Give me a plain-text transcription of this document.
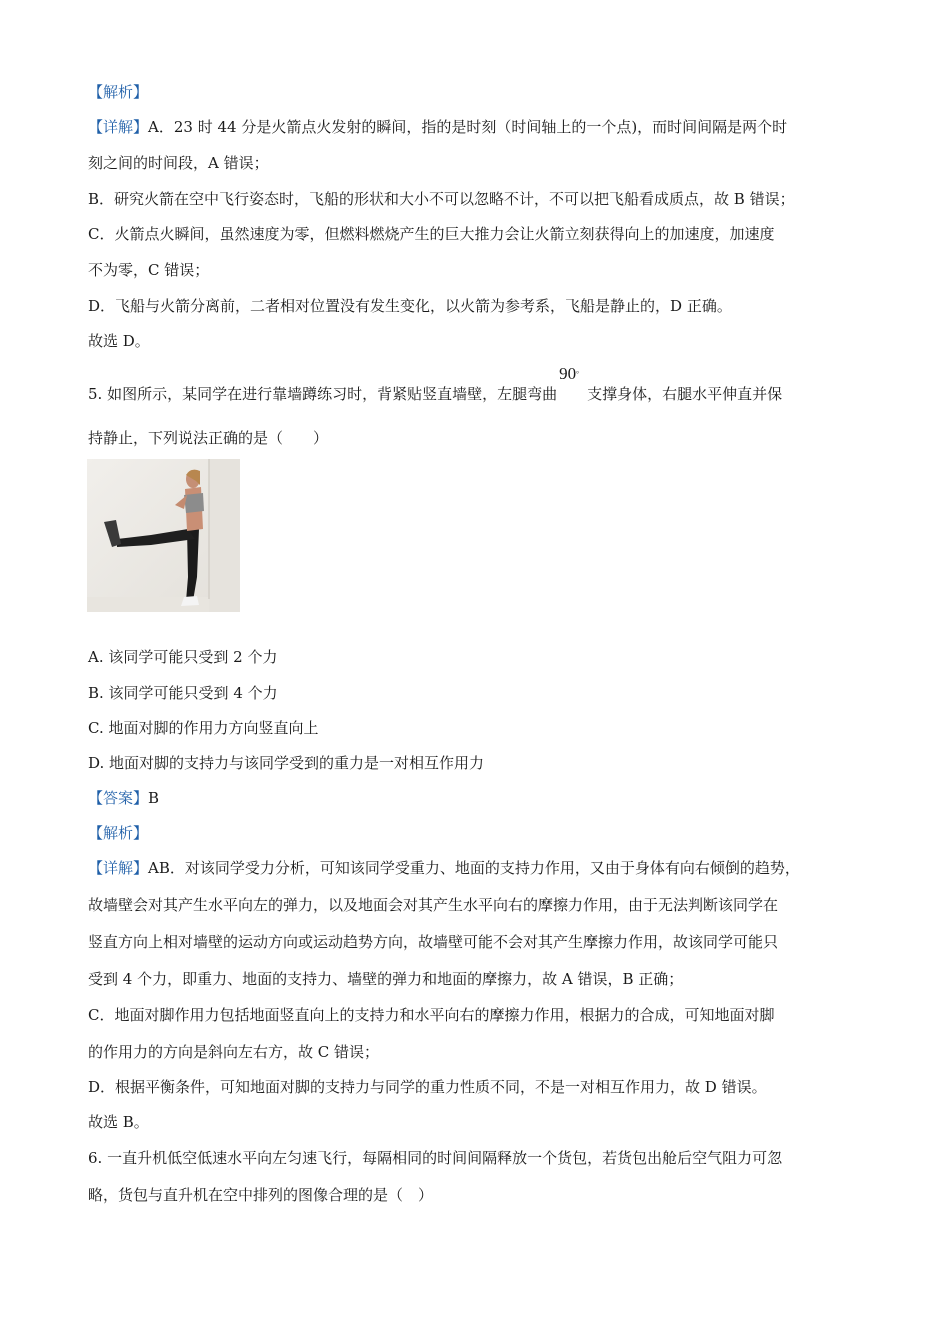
【解析】
【详解】A．23 时 44 分是火箭点火发射的瞬间，指的是时刻（时间轴上的一个点)，而时间间隔是两个时
刻之间的时间段，A 错误；
B．研究火箭在空中飞行姿态时，飞船的形状和大小不可以忽略不计，不可以把飞船看成质点，故 B 错误；
C．火箭点火瞬间，虽然速度为零，但燃料燃烧产生的巨大推力会让火箭立刻获得向上的加速度，加速度
不为零，C 错误；
D．飞船与火箭分离前，二者相对位置没有发生变化，以火箭为参考系，飞船是静止的，D 正确。
故选 D。
5. 如图所示，某同学在进行靠墙蹲练习时，背紧贴竖直墙壁，左腿弯曲
90°
支撑身体，右腿水平伸直并保
持静止，下列说法正确的是（　　）
A. 该同学可能只受到 2 个力
B. 该同学可能只受到 4 个力
C. 地面对脚的作用力方向竖直向上
D. 地面对脚的支持力与该同学受到的重力是一对相互作用力
【答案】B
【解析】
【详解】AB．对该同学受力分析，可知该同学受重力、地面的支持力作用，又由于身体有向右倾倒的趋势，
故墙壁会对其产生水平向左的弹力，以及地面会对其产生水平向右的摩擦力作用，由于无法判断该同学在
竖直方向上相对墙壁的运动方向或运动趋势方向，故墙壁可能不会对其产生摩擦力作用，故该同学可能只
受到 4 个力，即重力、地面的支持力、墙壁的弹力和地面的摩擦力，故 A 错误，B 正确；
C．地面对脚作用力包括地面竖直向上的支持力和水平向右的摩擦力作用，根据力的合成，可知地面对脚
的作用力的方向是斜向左右方，故 C 错误；
D．根据平衡条件，可知地面对脚的支持力与同学的重力性质不同，不是一对相互作用力，故 D 错误。
故选 B。
6. 一直升机低空低速水平向左匀速飞行，每隔相同的时间间隔释放一个货包，若货包出舱后空气阻力可忽
略，货包与直升机在空中排列的图像合理的是（　）
